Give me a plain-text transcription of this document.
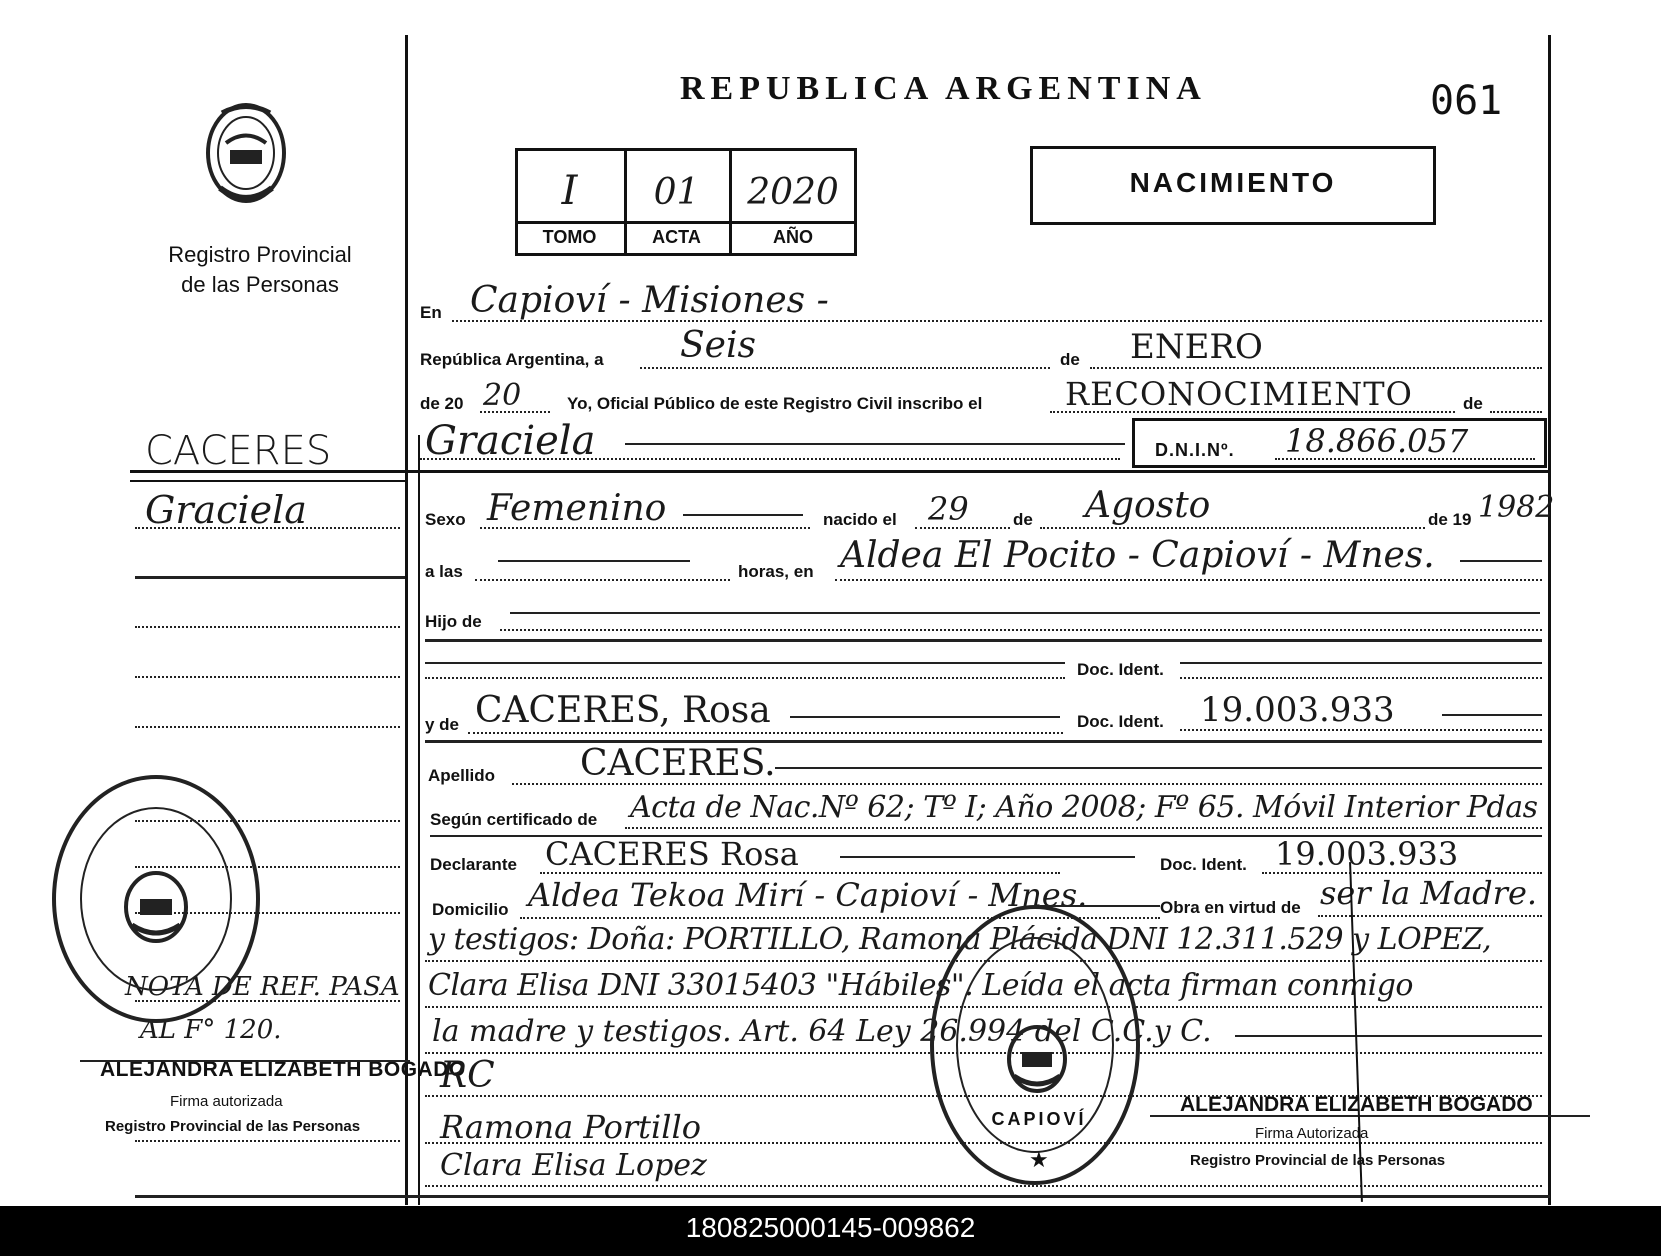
Registro Provincial
de las Personas
REPUBLICA ARGENTINA	061
I	01	2020
TOMO	ACTA	AÑO
NACIMIENTO
CACERES
Graciela
NOTA DE REF. PASA
AL F° 120.
ALEJANDRA ELIZABETH BOGADO
Firma autorizada
Registro Provincial de las Personas
En Capioví - Misiones -
República Argentina, a Seis	de ENERO
de 20 20	Yo, Oficial Público de este Registro Civil inscribo el	RECONOCIMIENTO	de
Graciela	D.N.I.Nº. 18.866.057
Sexo Femenino	nacido el 29	de Agosto	de 19 1982
a las	horas, en Aldea El Pocito - Capioví - Mnes.
Hijo de
Doc. Ident.
y de CACERES, Rosa	Doc. Ident. 19.003.933
Apellido CACERES.
Según certificado de Acta de Nac.Nº 62; Tº I; Año 2008; Fº 65. Móvil Interior Pdas
Declarante CACERES Rosa	Doc. Ident. 19.003.933
Domicilio Aldea Tekoa Mirí - Capioví - Mnes.	Obra en virtud de ser la Madre.
y testigos: Doña: PORTILLO, Ramona Plácida DNI 12.311.529 y LOPEZ,
Clara Elisa DNI 33015403 "Hábiles". Leída el acta firman conmigo
la madre y testigos. Art. 64 Ley 26.994 del C.C.y C.
RC
Ramona Portillo
Clara Elisa Lopez
CAPIOVÍ
★
ALEJANDRA ELIZABETH BOGADO
Firma Autorizada
Registro Provincial de las Personas
180825000145-009862
